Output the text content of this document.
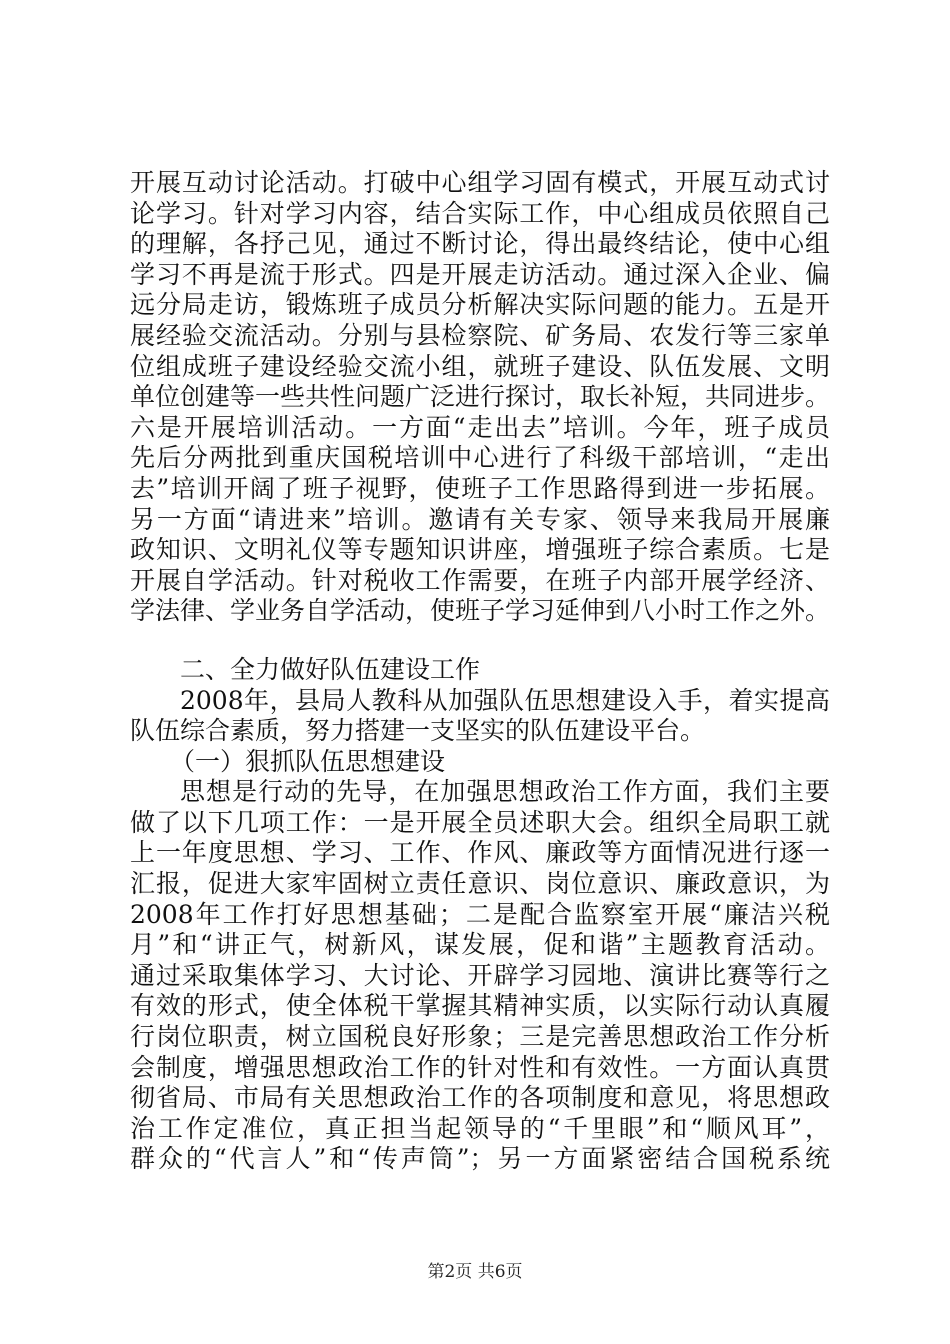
开展互动讨论活动。打破中心组学习固有模式，开展互动式讨
论学习。针对学习内容，结合实际工作，中心组成员依照自己
的理解，各抒己见，通过不断讨论，得出最终结论，使中心组
学习不再是流于形式。四是开展走访活动。通过深入企业、偏
远分局走访，锻炼班子成员分析解决实际问题的能力。五是开
展经验交流活动。分别与县检察院、矿务局、农发行等三家单
位组成班子建设经验交流小组，就班子建设、队伍发展、文明
单位创建等一些共性问题广泛进行探讨，取长补短，共同进步。
六是开展培训活动。一方面“走出去”培训。今年，班子成员
先后分两批到重庆国税培训中心进行了科级干部培训，“走出
去”培训开阔了班子视野，使班子工作思路得到进一步拓展。
另一方面“请进来”培训。邀请有关专家、领导来我局开展廉
政知识、文明礼仪等专题知识讲座，增强班子综合素质。七是
开展自学活动。针对税收工作需要，在班子内部开展学经济、
学法律、学业务自学活动，使班子学习延伸到八小时工作之外。
二、全力做好队伍建设工作
2008年，县局人教科从加强队伍思想建设入手，着实提高
队伍综合素质，努力搭建一支坚实的队伍建设平台。
（一）狠抓队伍思想建设
思想是行动的先导，在加强思想政治工作方面，我们主要
做了以下几项工作：一是开展全员述职大会。组织全局职工就
上一年度思想、学习、工作、作风、廉政等方面情况进行逐一
汇报，促进大家牢固树立责任意识、岗位意识、廉政意识，为
2008年工作打好思想基础；二是配合监察室开展“廉洁兴税
月”和“讲正气，树新风，谋发展，促和谐”主题教育活动。
通过采取集体学习、大讨论、开辟学习园地、演讲比赛等行之
有效的形式，使全体税干掌握其精神实质，以实际行动认真履
行岗位职责，树立国税良好形象；三是完善思想政治工作分析
会制度，增强思想政治工作的针对性和有效性。一方面认真贯
彻省局、市局有关思想政治工作的各项制度和意见，将思想政
治工作定准位，真正担当起领导的“千里眼”和“顺风耳”，
群众的“代言人”和“传声筒”；另一方面紧密结合国税系统
第2页 共6页
